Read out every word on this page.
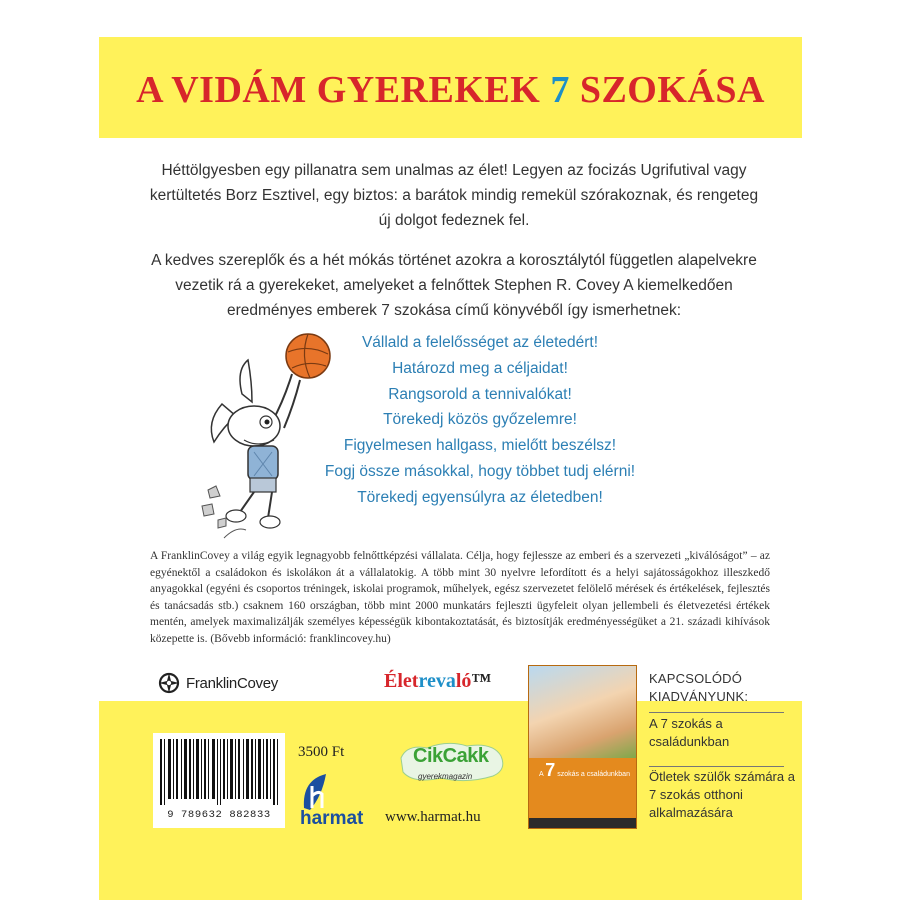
A VIDÁM GYEREKEK 7 SZOKÁSA

Héttölgyesben egy pillanatra sem unalmas az élet! Legyen az focizás Ugrifutival vagy kertültetés Borz Esztivel, egy biztos: a barátok mindig remekül szórakoznak, és rengeteg új dolgot fedeznek fel.

A kedves szereplők és a hét mókás történet azokra a korosztálytól független alapelvekre vezetik rá a gyerekeket, amelyeket a felnőttek Stephen R. Covey A kiemelkedően eredményes emberek 7 szokása című könyvéből így ismerhetnek:

Vállald a felelősséget az életedért!
Határozd meg a céljaidat!
Rangsorold a tennivalókat!
Törekedj közös győzelemre!
Figyelmesen hallgass, mielőtt beszélsz!
Fogj össze másokkal, hogy többet tudj elérni!
Törekedj egyensúlyra az életedben!

A FranklinCovey a világ egyik legnagyobb felnőttképzési vállalata. Célja, hogy fejlessze az emberi és a szervezeti „kiválóságot” – az egyénektől a családokon és iskolákon át a vállalatokig. A több mint 30 nyelvre lefordított és a helyi sajátosságokhoz illeszkedő anyagokkal (egyéni és csoportos tréningek, iskolai programok, műhelyek, egész szervezetet felölelő mérések és értékelések, fejlesztés és tanácsadás stb.) csaknem 160 országban, több mint 2000 munkatárs fejleszti ügyfeleit olyan jellembeli és életvezetési értékek mentén, amelyek maximalizálják személyes képességük kibontakoztatását, és biztosítják eredményességüket a 21. századi kihívások közepette is. (Bővebb információ: franklincovey.hu)

FranklinCovey	Életrevaló™
A 7 szokás a családunkban

KAPCSOLÓDÓ KIADVÁNYUNK:

A 7 szokás a családunkban

Ötletek szülők számára a 7 szokás otthoni alkalmazására

9 789632 882833
3500 Ft
harmat
CikCakk
gyerekmagazin
www.harmat.hu
